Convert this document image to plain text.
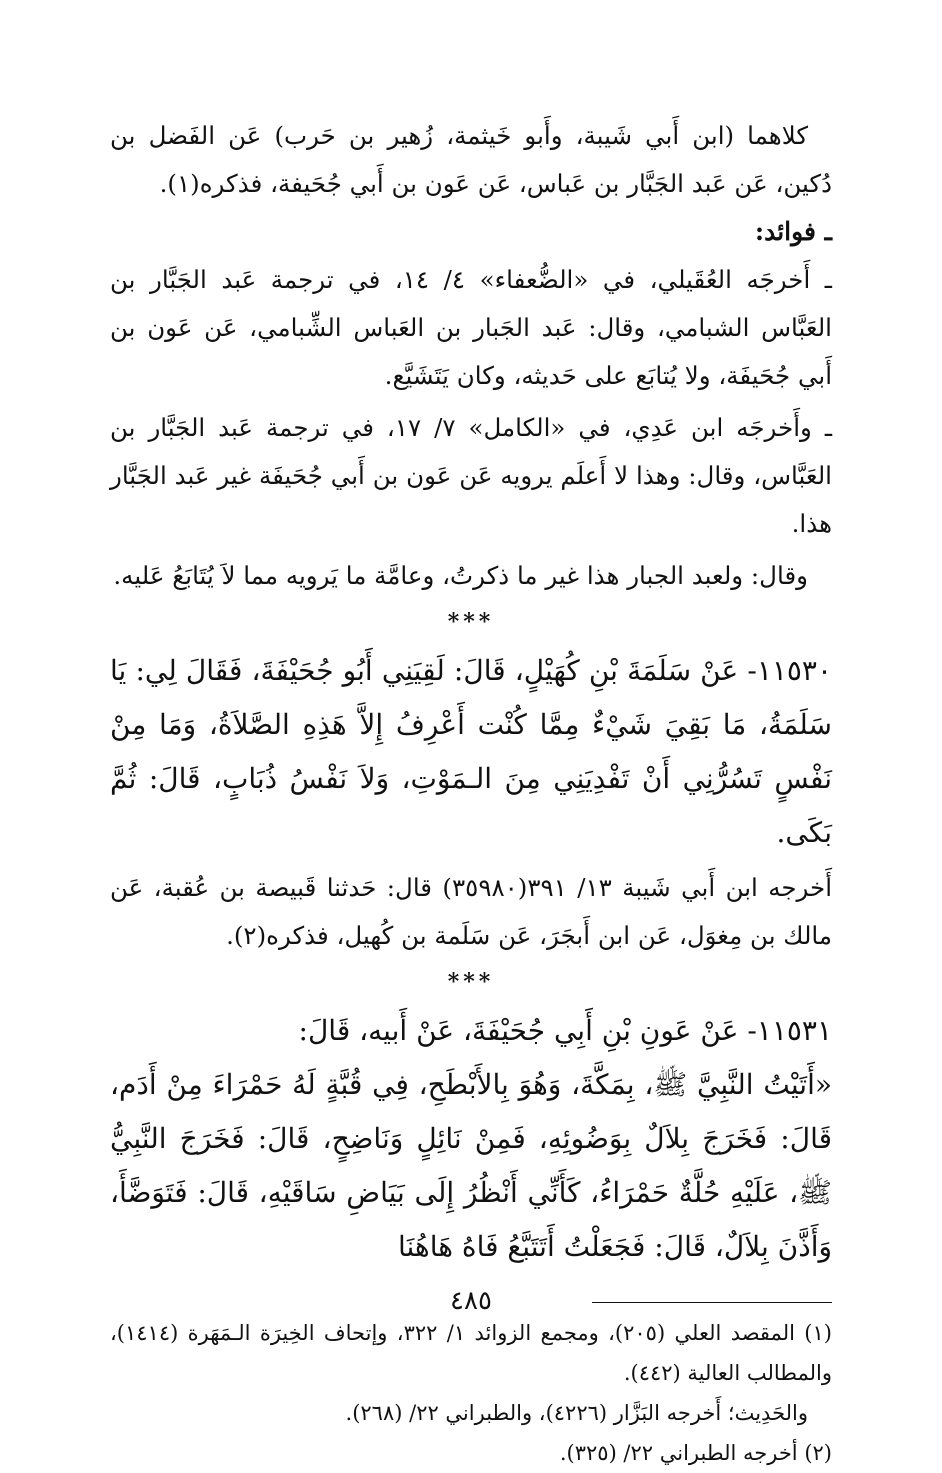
كلاهما (ابن أَبي شَيبة، وأَبو خَيثمة، زُهير بن حَرب) عَن الفَضل بن دُكين، عَن عَبد الجَبَّار بن عَباس، عَن عَون بن أَبي جُحَيفة، فذكره(١).

ـ فوائد:

ـ أَخرجَه العُقَيلي، في «الضُّعفاء» ٤/ ١٤، في ترجمة عَبد الجَبَّار بن العَبَّاس الشبامي، وقال: عَبد الجَبار بن العَباس الشِّبامي، عَن عَون بن أَبي جُحَيفَة، ولا يُتابَع على حَديثه، وكان يَتَشَيَّع.

ـ وأَخرجَه ابن عَدِي، في «الكامل» ٧/ ١٧، في ترجمة عَبد الجَبَّار بن العَبَّاس، وقال: وهذا لا أَعلَم يرويه عَن عَون بن أَبي جُحَيفَة غير عَبد الجَبَّار هذا.

وقال: ولعبد الجبار هذا غير ما ذكرتُ، وعامَّة ما يَرويه مما لاَ يُتَابَعُ عَليه.

***

١١٥٣٠- عَنْ سَلَمَةَ بْنِ كُهَيْلٍ، قَالَ: لَقِيَنِي أَبُو جُحَيْفَةَ، فَقَالَ لِي: يَا سَلَمَةُ، مَا بَقِيَ شَيْءٌ مِمَّا كُنْت أَعْرِفُ إِلاَّ هَذِهِ الصَّلاَةُ، وَمَا مِنْ نَفْسٍ تَسُرُّنِي أَنْ تَفْدِيَنِي مِنَ الـمَوْتِ، وَلاَ نَفْسُ ذُبَابٍ، قَالَ: ثُمَّ بَكَى.

أَخرجه ابن أَبي شَيبة ١٣/ ٣٩١(٣٥٩٨٠) قال: حَدثنا قَبيصة بن عُقبة، عَن مالك بن مِغوَل، عَن ابن أَبجَرَ، عَن سَلَمة بن كُهيل، فذكره(٢).

***

١١٥٣١- عَنْ عَونِ بْنِ أَبِي جُحَيْفَةَ، عَنْ أَبيه، قَالَ:

«أَتَيْتُ النَّبِيَّ ﷺ، بِمَكَّةَ، وَهُوَ بِالأَبْطَحِ، فِي قُبَّةٍ لَهُ حَمْرَاءَ مِنْ أَدَم، قَالَ: فَخَرَجَ بِلاَلٌ بِوَضُوئِهِ، فَمِنْ نَائِلٍ وَنَاضِحٍ، قَالَ: فَخَرَجَ النَّبِيُّ ﷺ، عَلَيْهِ حُلَّةٌ حَمْرَاءُ، كَأَنِّي أَنْظُرُ إِلَى بَيَاضِ سَاقَيْهِ، قَالَ: فَتَوَضَّأَ، وَأَذَّنَ بِلاَلٌ، قَالَ: فَجَعَلْتُ أَتَتَبَّعُ فَاهُ هَاهُنَا

(١) المقصد العلي (٢٠٥)، ومجمع الزوائد ١/ ٣٢٢، وإتحاف الخِيرَة الـمَهَرة (١٤١٤)، والمطالب العالية (٤٤٢).

والحَدِيث؛ أَخرجه البَزَّار (٤٢٢٦)، والطبراني ٢٢/ (٢٦٨).

(٢) أخرجه الطبراني ٢٢/ (٣٢٥).

٤٨٥
